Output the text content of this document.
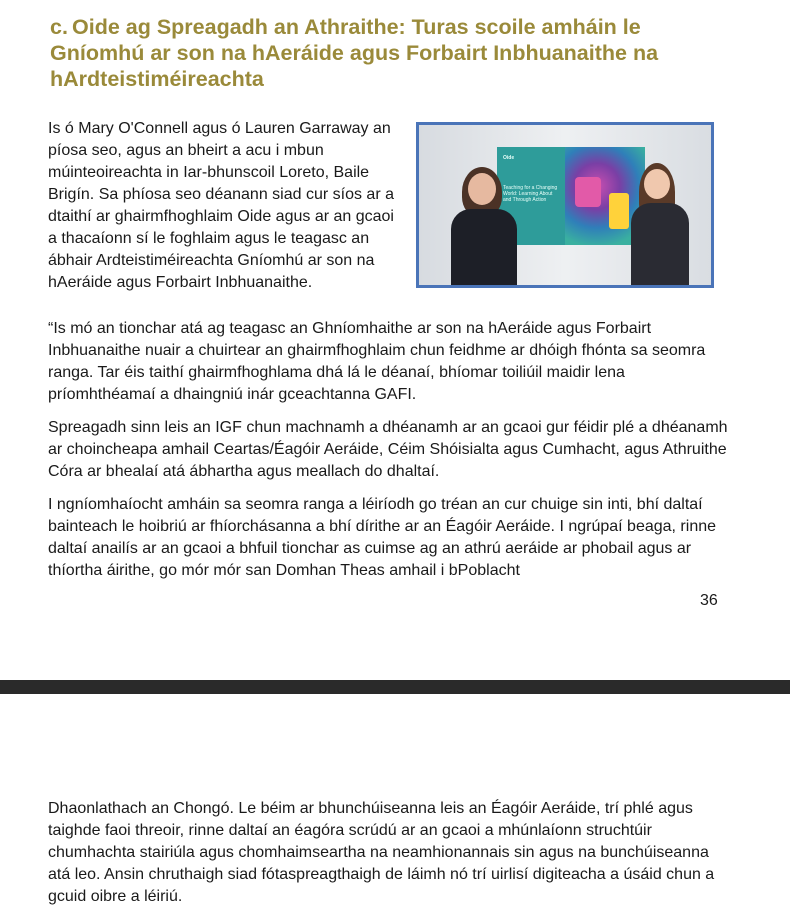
c. Oide ag Spreagadh an Athraithe: Turas scoile amháin le Gníomhú ar son na hAeráide agus Forbairt Inbhuanaithe na hArdteistiméireachta

Is ó Mary O'Connell agus ó Lauren Garraway an píosa seo, agus an bheirt a acu i mbun múinteoireachta in Iar-bhunscoil Loreto, Baile Brigín. Sa phíosa seo déanann siad cur síos ar a dtaithí ar ghairmfhoghlaim Oide agus ar an gcaoi a thacaíonn sí le foghlaim agus le teagasc an ábhair Ardteistiméireachta Gníomhú ar son na hAeráide agus Forbairt Inbhuanaithe.

Oide
Teaching for a Changing World: Learning About and Through Action

“Is mó an tionchar atá ag teagasc an Ghníomhaithe ar son na hAeráide agus Forbairt Inbhuanaithe nuair a chuirtear an ghairmfhoghlaim chun feidhme ar dhóigh fhónta sa seomra ranga. Tar éis taithí ghairmfhoghlama dhá lá le déanaí, bhíomar toiliúil maidir lena príomhthéamaí a dhaingniú inár gceachtanna GAFI.

Spreagadh sinn leis an IGF chun machnamh a dhéanamh ar an gcaoi gur féidir plé a dhéanamh ar choincheapa amhail Ceartas/Éagóir Aeráide, Céim Shóisialta agus Cumhacht, agus Athruithe Córa ar bhealaí atá ábhartha agus meallach do dhaltaí.

I ngníomhaíocht amháin sa seomra ranga a léiríodh go tréan an cur chuige sin inti, bhí daltaí bainteach le hoibriú ar fhíorchásanna a bhí dírithe ar an Éagóir Aeráide. I ngrúpaí beaga, rinne daltaí anailís ar an gcaoi a bhfuil tionchar as cuimse ag an athrú aeráide ar phobail agus ar thíortha áirithe, go mór mór san Domhan Theas amhail i bPoblacht

36

Dhaonlathach an Chongó. Le béim ar bhunchúiseanna leis an Éagóir Aeráide, trí phlé agus taighde faoi threoir, rinne daltaí an éagóra scrúdú ar an gcaoi a mhúnlaíonn struchtúir chumhachta stairiúla agus chomhaimseartha na neamhionannais sin agus na bunchúiseanna atá leo. Ansin chruthaigh siad fótaspreagthaigh de láimh nó trí uirlisí digiteacha a úsáid chun a gcuid oibre a léiriú.
